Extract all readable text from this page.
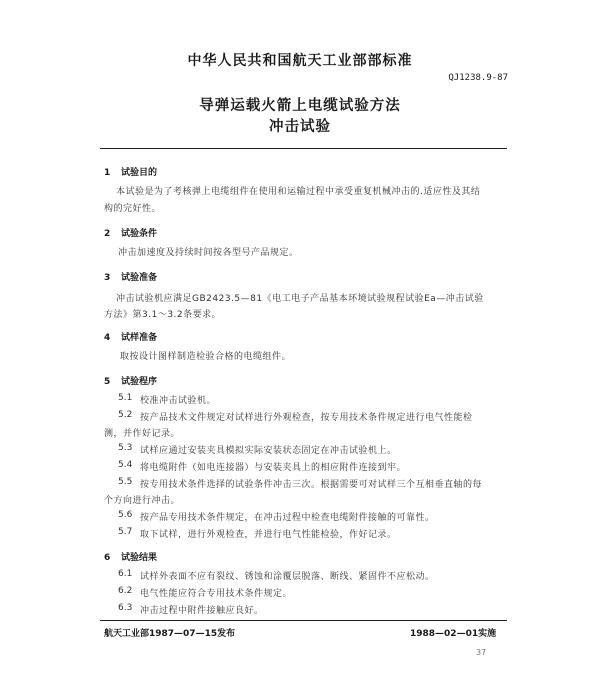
中华人民共和国航天工业部部标准
QJ1238.9-87
导弹运载火箭上电缆试验方法
冲击试验
1 试验目的
本试验是为了考核弹上电缆组件在使用和运输过程中承受重复机械冲击的.适应性及其结
构的完好性。
2 试验条件
冲击加速度及持续时间按各型号产品规定。
3 试验准备
冲击试验机应满足GB2423.5—81《电工电子产品基本环境试验规程试验Ea—冲击试验
方法》第3.1～3.2条要求。
4 试样准备
取按设计图样制造检验合格的电缆组件。
5 试验程序
5.1 校准冲击试验机。
5.2 按产品技术文件规定对试样进行外观检查，按专用技术条件规定进行电气性能检
测，并作好记录。
5.3 试样应通过安装夹具模拟实际安装状态固定在冲击试验机上。
5.4 将电缆附件（如电连接器）与安装夹具上的相应附件连接到牢。
5.5 按专用技术条件选择的试验条件冲击三次。根据需要可对试样三个互相垂直轴的每
个方向进行冲击。
5.6 按产品专用技术条件规定，在冲击过程中检查电缆附件接触的可靠性。
5.7 取下试样，进行外观检查，并进行电气性能检验，作好记录。
6 试验结果
6.1 试样外表面不应有裂纹、锈蚀和涂覆层脱落、断线、紧固件不应松动。
6.2 电气性能应符合专用技术条件规定。
6.3 冲击过程中附件接触应良好。
航天工业部1987—07—15发布	1988—02—01实施
37
